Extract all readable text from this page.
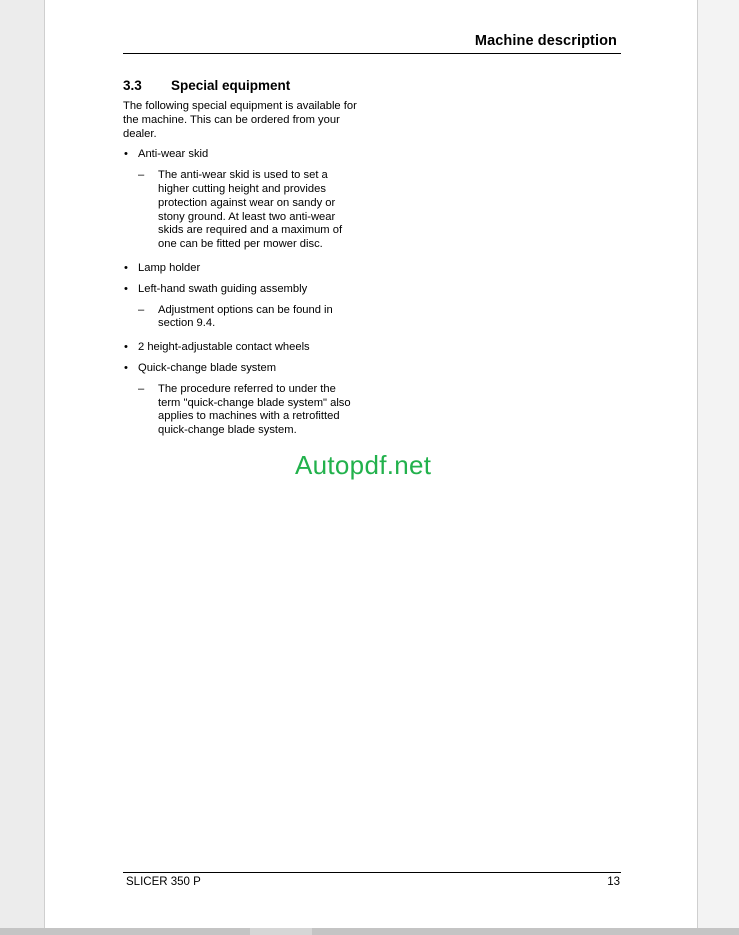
Machine description
3.3 Special equipment

The following special equipment is available for the machine. This can be ordered from your dealer.

• Anti-wear skid
– The anti-wear skid is used to set a higher cutting height and provides protection against wear on sandy or stony ground. At least two anti-wear skids are required and a maximum of one can be fitted per mower disc.
• Lamp holder
• Left-hand swath guiding assembly
– Adjustment options can be found in section 9.4.
• 2 height-adjustable contact wheels
• Quick-change blade system
– The procedure referred to under the term "quick-change blade system" also applies to machines with a retrofitted quick-change blade system.
Autopdf.net
SLICER 350 P	13
